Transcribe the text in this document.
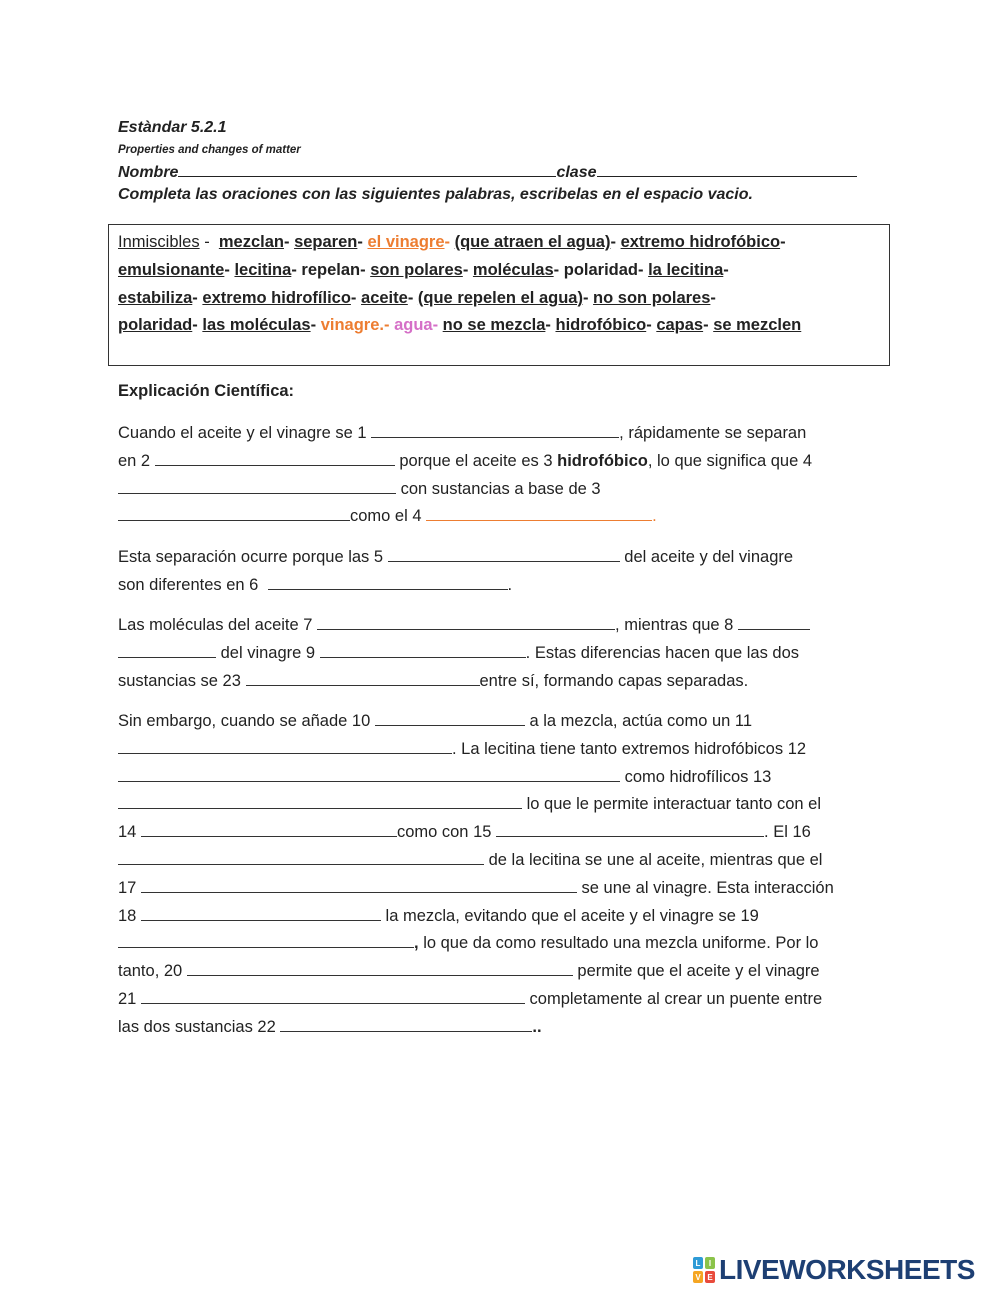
Estàndar 5.2.1
Properties and changes of matter
Nombre	clase
Completa las oraciones con las siguientes palabras, escribelas en el espacio vacio.
Inmiscibles -  mezclan- separen- el vinagre- (que atraen el agua)- extremo hidrofóbico-
emulsionante- lecitina- repelan- son polares- moléculas- polaridad- la lecitina-
estabiliza- extremo hidrofílico- aceite- (que repelen el agua)- no son polares-
polaridad- las moléculas- vinagre.- agua- no se mezcla- hidrofóbico- capas- se mezclen
Explicación Científica:
Cuando el aceite y el vinagre se 1	, rápidamente se separan
en 2	porque el aceite es 3 hidrofóbico, lo que significa que 4
con sustancias a base de 3
como el 4	.
Esta separación ocurre porque las 5	del aceite y del vinagre
son diferentes en 6	.
Las moléculas del aceite 7	, mientras que 8
del vinagre 9	. Estas diferencias hacen que las dos
sustancias se 23	entre sí, formando capas separadas.
Sin embargo, cuando se añade 10	a la mezcla, actúa como un 11
. La lecitina tiene tanto extremos hidrofóbicos 12
como hidrofílicos 13
lo que le permite interactuar tanto con el
14	como con 15	. El 16
de la lecitina se une al aceite, mientras que el
17	se une al vinagre. Esta interacción
18	la mezcla, evitando que el aceite y el vinagre se 19
, lo que da como resultado una mezcla uniforme. Por lo
tanto, 20	permite que el aceite y el vinagre
21	completamente al crear un puente entre
las dos sustancias 22	..
L	I
V E LIVEWORKSHEETS
